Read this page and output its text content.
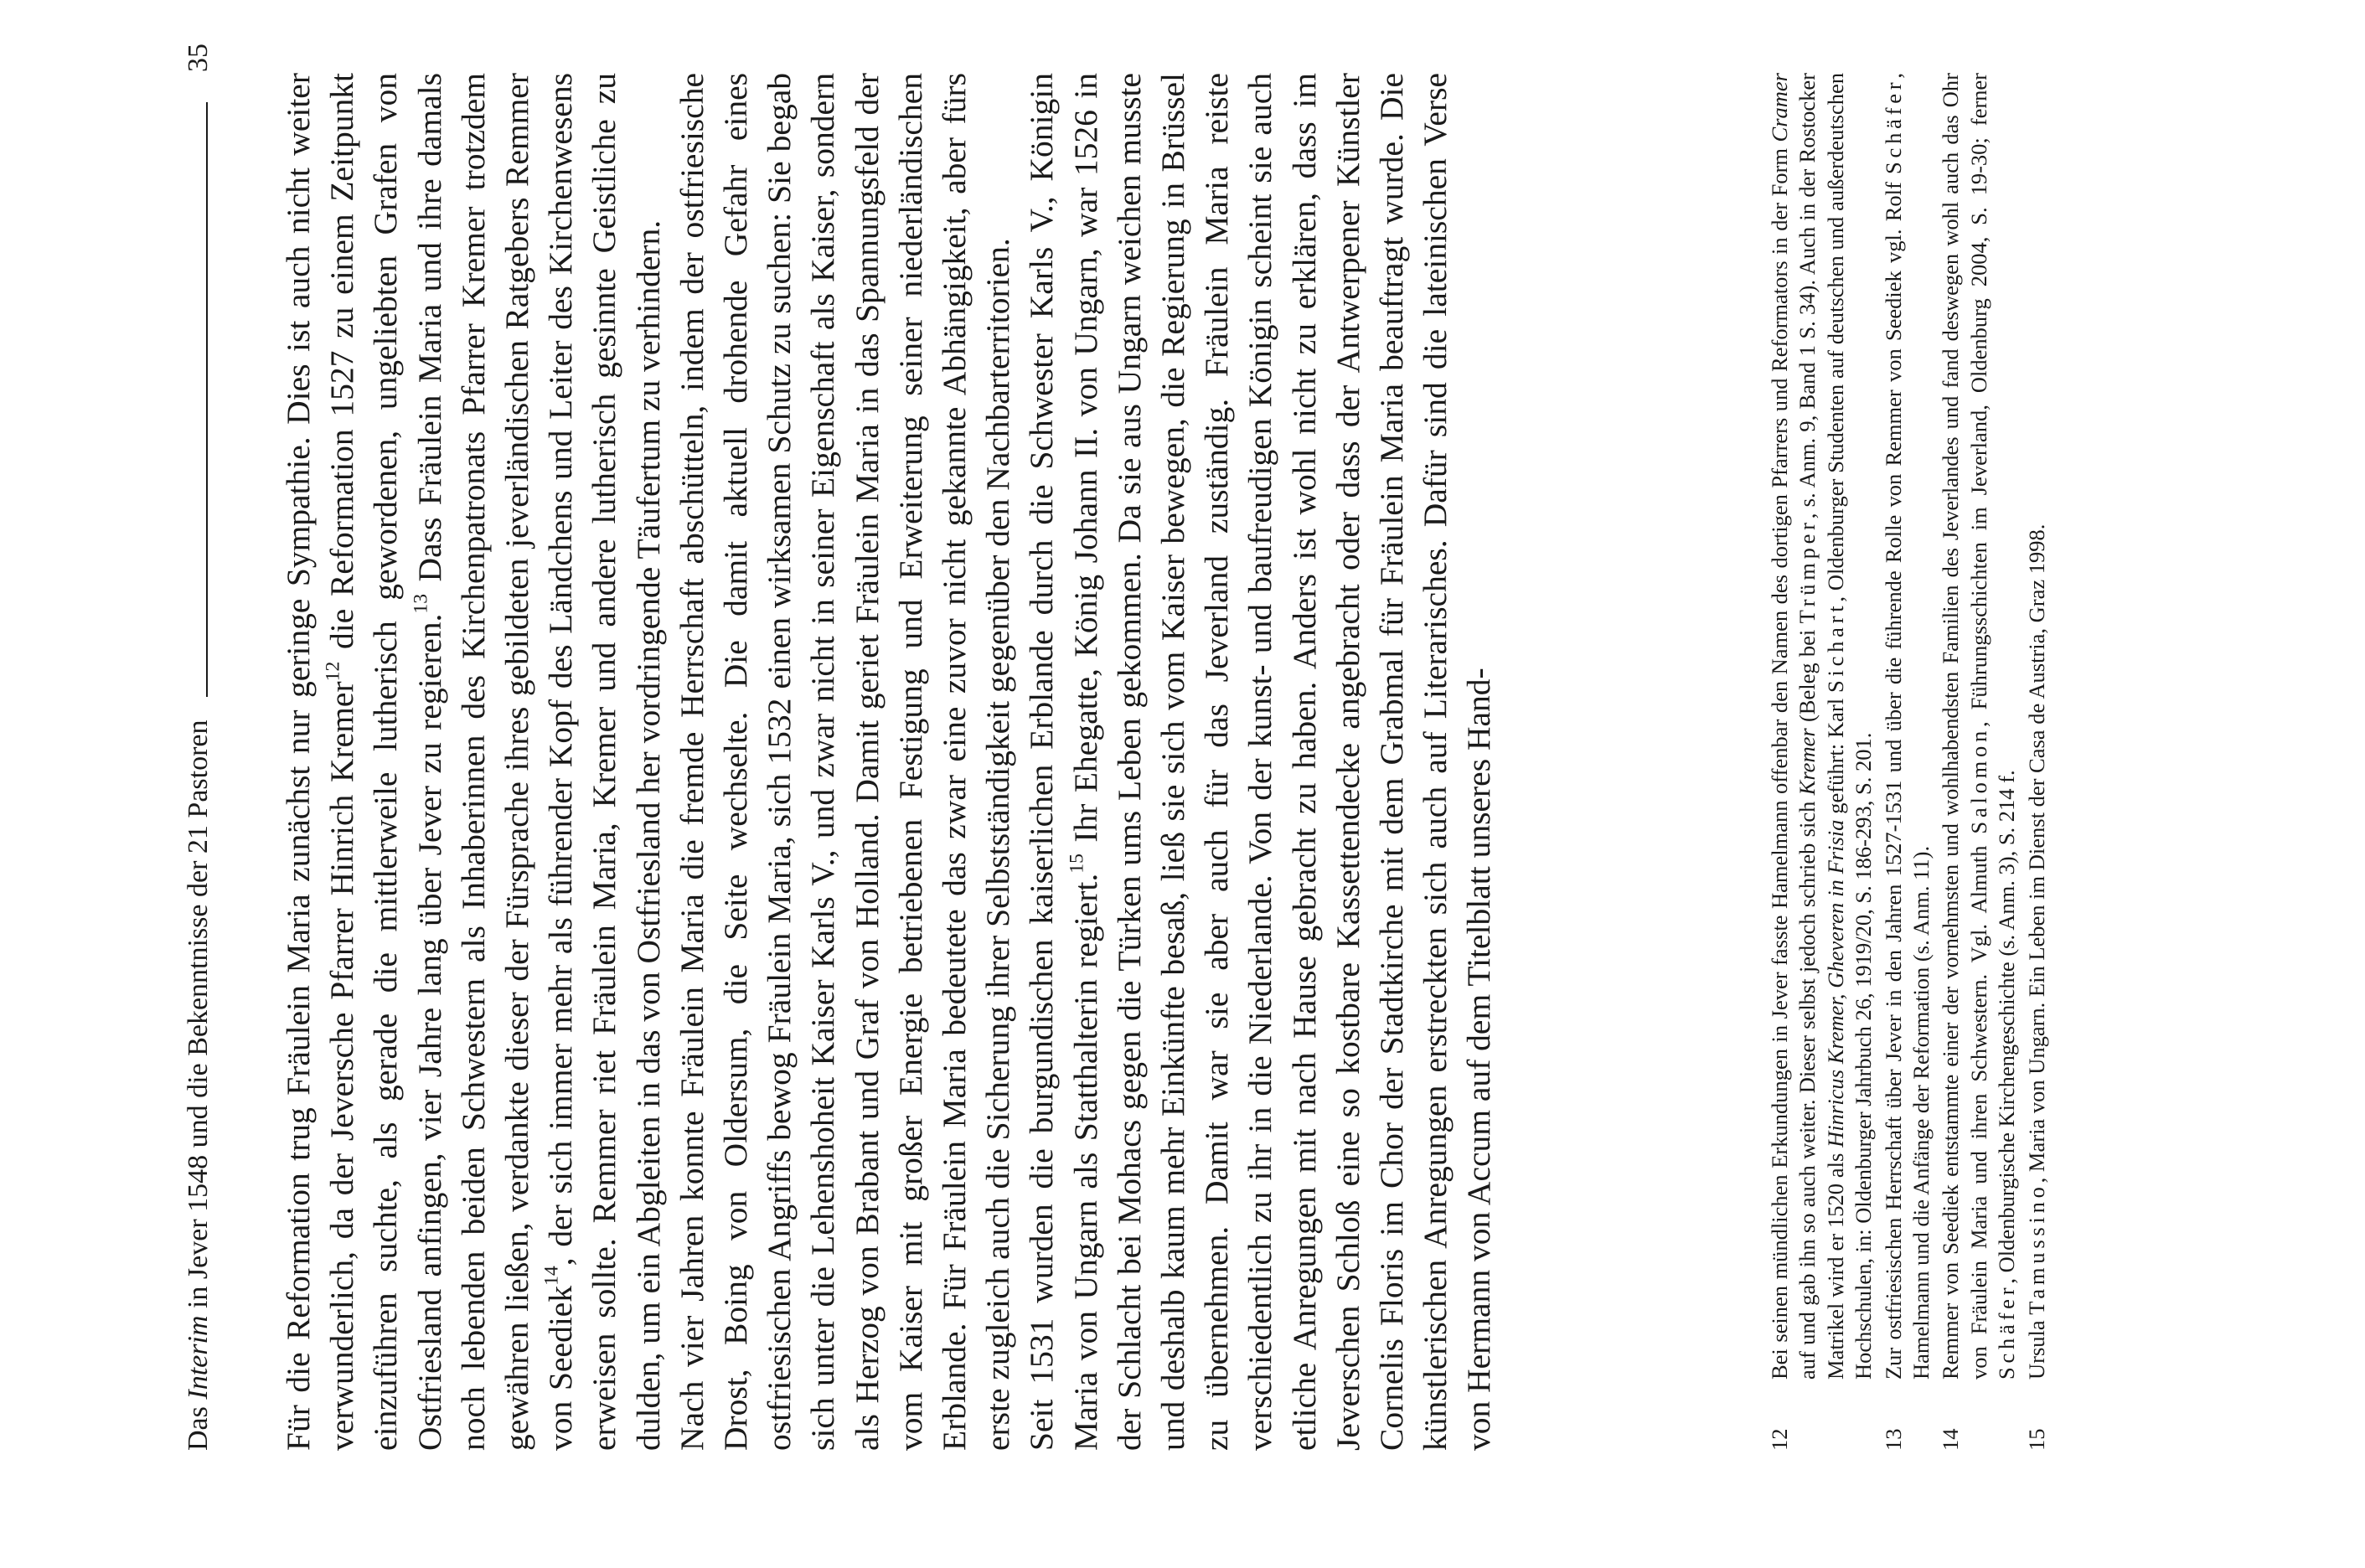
Das Interim in Jever 1548 und die Bekenntnisse der 21 Pastoren
35

Für die Reformation trug Fräulein Maria zunächst nur geringe Sympathie. Dies ist auch nicht weiter verwunderlich, da der Jeversche Pfarrer Hinrich Kremer$^{12}$ die Reformation 1527 zu einem Zeitpunkt einzuführen suchte, als gerade die mittlerweile lutherisch gewordenen, ungeliebten Grafen von Ostfriesland anfingen, vier Jahre lang über Jever zu regieren.$^{13}$ Dass Fräulein Maria und ihre damals noch lebenden beiden Schwestern als Inhaberinnen des Kirchenpatronats Pfarrer Kremer trotzdem gewähren ließen, verdankte dieser der Fürsprache ihres gebildeten jeverländischen Ratgebers Remmer von Seediek$^{14}$, der sich immer mehr als führender Kopf des Ländchens und Leiter des Kirchenwesens erweisen sollte. Remmer riet Fräulein Maria, Kremer und andere lutherisch gesinnte Geistliche zu dulden, um ein Abgleiten in das von Ostfriesland her vordringende Täufertum zu verhindern. Nach vier Jahren konnte Fräulein Maria die fremde Herrschaft abschütteln, indem der ostfriesische Drost, Boing von Oldersum, die Seite wechselte. Die damit aktuell drohende Gefahr eines ostfriesischen Angriffs bewog Fräulein Maria, sich 1532 einen wirksamen Schutz zu suchen: Sie begab sich unter die Lehenshoheit Kaiser Karls V., und zwar nicht in seiner Eigenschaft als Kaiser, sondern als Herzog von Brabant und Graf von Holland. Damit geriet Fräulein Maria in das Spannungsfeld der vom Kaiser mit großer Energie betriebenen Festigung und Erweiterung seiner niederländischen Erblande. Für Fräulein Maria bedeutete das zwar eine zuvor nicht gekannte Abhängigkeit, aber fürs erste zugleich auch die Sicherung ihrer Selbstständigkeit gegenüber den Nachbarterritorien. Seit 1531 wurden die burgundischen kaiserlichen Erblande durch die Schwester Karls V., Königin Maria von Ungarn als Statthalterin regiert.$^{15}$ Ihr Ehegatte, König Johann II. von Ungarn, war 1526 in der Schlacht bei Mohacs gegen die Türken ums Leben gekommen. Da sie aus Ungarn weichen musste und deshalb kaum mehr Einkünfte besaß, ließ sie sich vom Kaiser bewegen, die Regierung in Brüssel zu übernehmen. Damit war sie aber auch für das Jeverland zuständig. Fräulein Maria reiste verschiedentlich zu ihr in die Niederlande. Von der kunst- und baufreudigen Königin scheint sie auch etliche Anregungen mit nach Hause gebracht zu haben. Anders ist wohl nicht zu erklären, dass im Jeverschen Schloß eine so kostbare Kassettendecke angebracht oder dass der Antwerpener Künstler Cornelis Floris im Chor der Stadtkirche mit dem Grabmal für Fräulein Maria beauftragt wurde. Die künstlerischen Anregungen erstreckten sich auch auf Literarisches. Dafür sind die lateinischen Verse von Hermann von Accum auf dem Titelblatt unseres Hand-	12
Bei seinen mündlichen Erkundungen in Jever fasste Hamelmann offenbar den Namen des dortigen Pfarrers und Reformators in der Form Cramer auf und gab ihn so auch weiter. Dieser selbst jedoch schrieb sich Kremer (Beleg bei Trümper, s. Anm. 9, Band 1 S. 34). Auch in der Rostocker Matrikel wird er 1520 als Hinricus Kremer, Gheveren in Frisia geführt: Karl Sichart, Oldenburger Studenten auf deutschen und außerdeutschen Hochschulen, in: Oldenburger Jahrbuch 26, 1919/20, S. 186-293, S. 201.
13
Zur ostfriesischen Herrschaft über Jever in den Jahren 1527-1531 und über die führende Rolle von Remmer von Seediek vgl. Rolf Schäfer, Hamelmann und die Anfänge der Reformation (s. Anm. 11).
14
Remmer von Seediek entstammte einer der vornehmsten und wohlhabendsten Familien des Jeverlandes und fand deswegen wohl auch das Ohr von Fräulein Maria und ihren Schwestern. Vgl. Almuth Salomon, Führungsschichten im Jeverland, Oldenburg 2004, S. 19-30; ferner Schäfer, Oldenburgische Kirchengeschichte (s. Anm. 3), S. 214 f.
15
Ursula Tamussino, Maria von Ungarn. Ein Leben im Dienst der Casa de Austria, Graz 1998.
